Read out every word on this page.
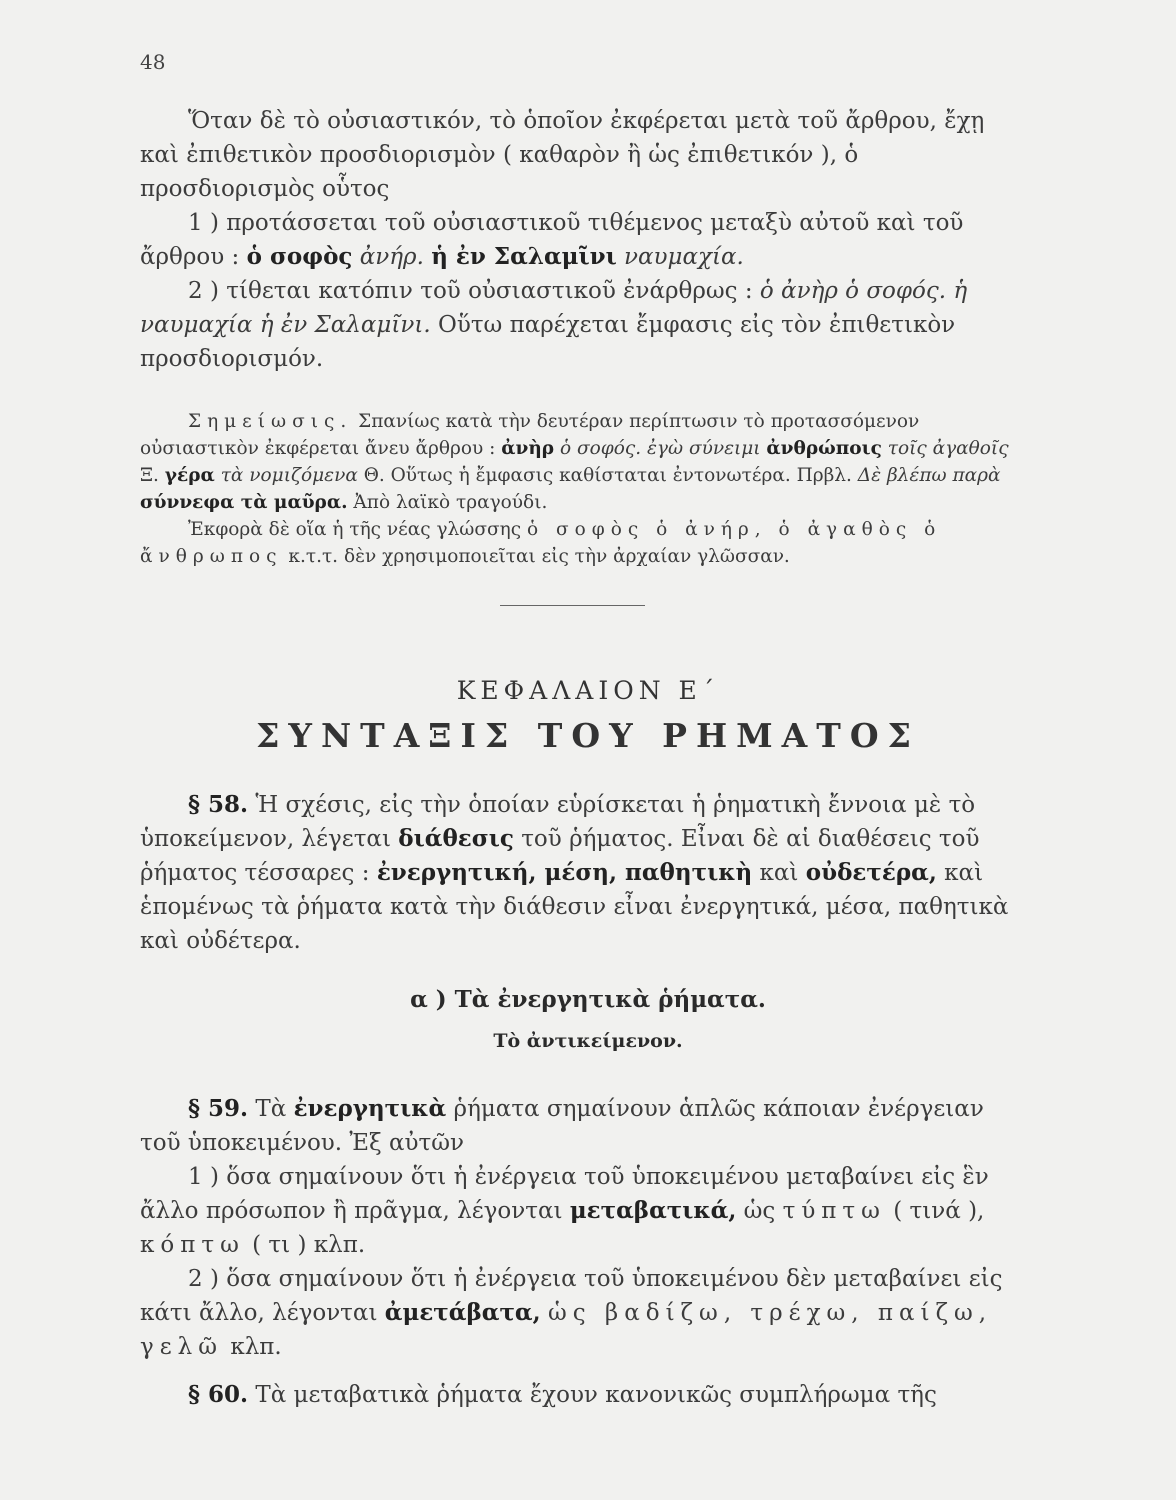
48

Ὅταν δὲ τὸ οὐσιαστικόν, τὸ ὁποῖον ἐκφέρεται μετὰ τοῦ ἄρθρου, ἔχῃ καὶ ἐπιθετικὸν προσδιορισμὸν ( καθαρὸν ἢ ὡς ἐπιθετικόν ), ὁ προσδιορισμὸς οὗτος

1 ) προτάσσεται τοῦ οὐσιαστικοῦ τιθέμενος μεταξὺ αὐτοῦ καὶ τοῦ ἄρθρου : ὁ σοφὸς ἀνήρ. ἡ ἐν Σαλαμῖνι ναυμαχία.

2 ) τίθεται κατόπιν τοῦ οὐσιαστικοῦ ἐνάρθρως : ὁ ἀνὴρ ὁ σοφός. ἡ ναυμαχία ἡ ἐν Σαλαμῖνι. Οὕτω παρέχεται ἔμφασις εἰς τὸν ἐπιθετικὸν προσδιορισμόν.

Σημείωσις. Σπανίως κατὰ τὴν δευτέραν περίπτωσιν τὸ προτασσόμενον οὐσιαστικὸν ἐκφέρεται ἄνευ ἄρθρου : ἀνὴρ ὁ σοφός. ἐγὼ σύνειμι ἀνθρώποις τοῖς ἀγαθοῖς Ξ. γέρα τὰ νομιζόμενα Θ. Οὕτως ἡ ἔμφασις καθίσταται ἐντονωτέρα. Πρβλ. Δὲ βλέπω παρὰ σύννεφα τὰ μαῦρα. Ἀπὸ λαϊκὸ τραγούδι.

Ἐκφορὰ δὲ οἵα ἡ τῆς νέας γλώσσης ὁ σοφὸς ὁ ἀνήρ, ὁ ἀγαθὸς ὁ ἄνθρωπος κ.τ.τ. δὲν χρησιμοποιεῖται εἰς τὴν ἀρχαίαν γλῶσσαν.

ΚΕΦΑΛΑΙΟΝ Ε΄
ΣΥΝΤΑΞΙΣ ΤΟΥ ΡΗΜΑΤΟΣ

§ 58. Ἡ σχέσις, εἰς τὴν ὁποίαν εὑρίσκεται ἡ ῥηματικὴ ἔννοια μὲ τὸ ὑποκείμενον, λέγεται διάθεσις τοῦ ῥήματος. Εἶναι δὲ αἱ διαθέσεις τοῦ ῥήματος τέσσαρες : ἐνεργητική, μέση, παθητικὴ καὶ οὐδετέρα, καὶ ἑπομένως τὰ ῥήματα κατὰ τὴν διάθεσιν εἶναι ἐνεργητικά, μέσα, παθητικὰ καὶ οὐδέτερα.

α ) Τὰ ἐνεργητικὰ ῥήματα.
Τὸ ἀντικείμενον.

§ 59. Τὰ ἐνεργητικὰ ῥήματα σημαίνουν ἁπλῶς κάποιαν ἐνέργειαν τοῦ ὑποκειμένου. Ἐξ αὐτῶν

1 ) ὅσα σημαίνουν ὅτι ἡ ἐνέργεια τοῦ ὑποκειμένου μεταβαίνει εἰς ἓν ἄλλο πρόσωπον ἢ πρᾶγμα, λέγονται μεταβατικά, ὡς τύπτω ( τινά ), κόπτω ( τι ) κλπ.

2 ) ὅσα σημαίνουν ὅτι ἡ ἐνέργεια τοῦ ὑποκειμένου δὲν μεταβαίνει εἰς κάτι ἄλλο, λέγονται ἀμετάβατα, ὡς βαδίζω, τρέχω, παίζω, γελῶ κλπ.

§ 60. Τὰ μεταβατικὰ ῥήματα ἔχουν κανονικῶς συμπλήρωμα τῆς
